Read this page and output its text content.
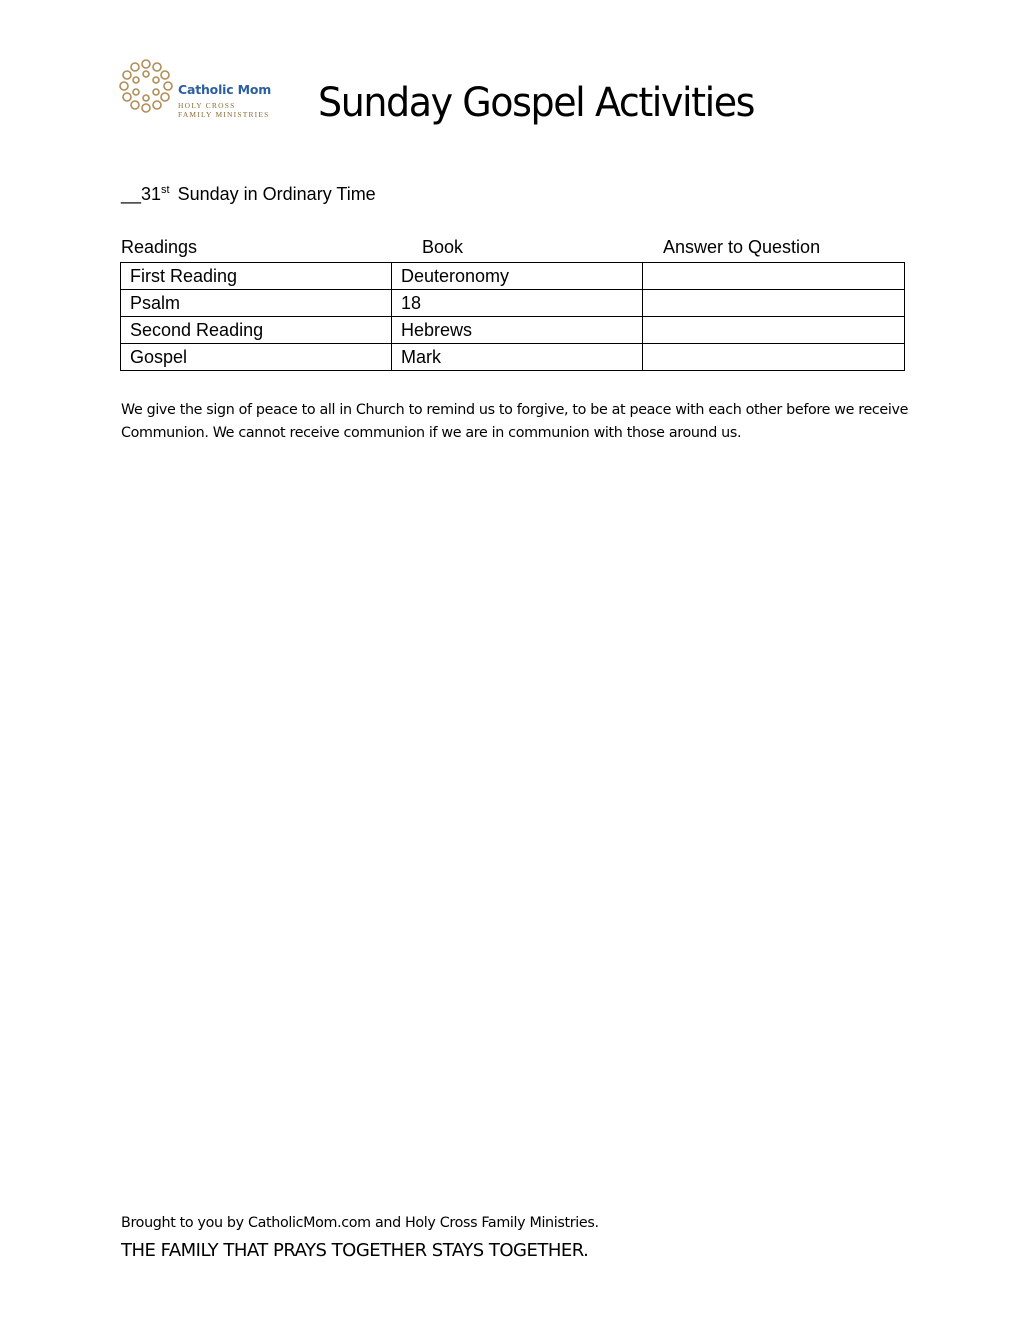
Catholic Mom
HOLY CROSS
FAMILY MINISTRIES Sunday Gospel Activities
__31st Sunday in Ordinary Time
Readings	Book	Answer to Question
First Reading	Deuteronomy	
Psalm	18	
Second Reading	Hebrews	
Gospel	Mark	
We give the sign of peace to all in Church to remind us to forgive, to be at peace with each other before we receive Communion. We cannot receive communion if we are in communion with those around us.
Brought to you by CatholicMom.com and Holy Cross Family Ministries.
THE FAMILY THAT PRAYS TOGETHER STAYS TOGETHER.
